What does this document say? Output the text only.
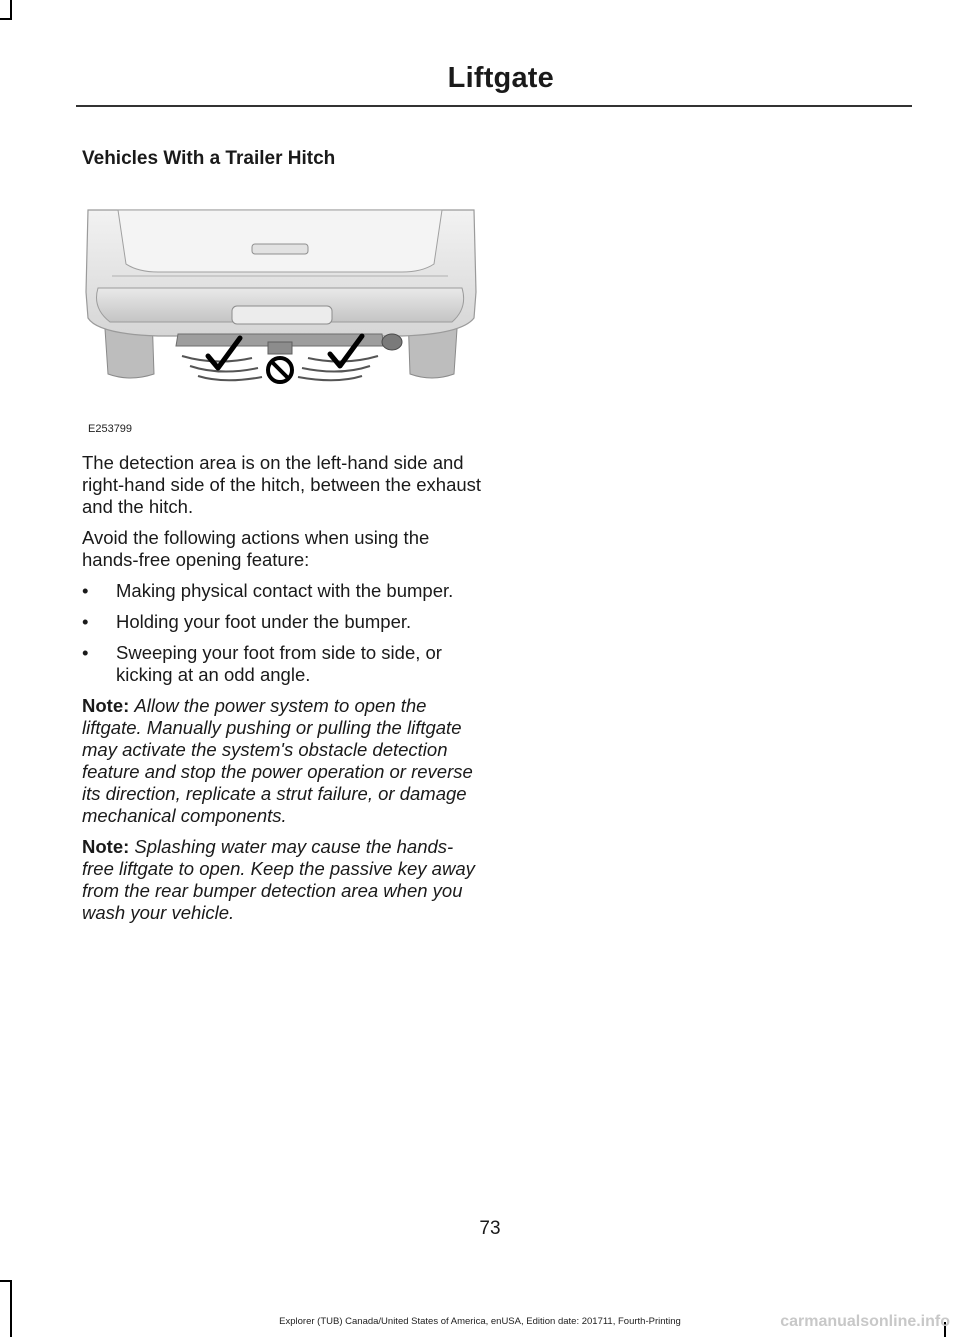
Liftgate
Vehicles With a Trailer Hitch
E253799

The detection area is on the left-hand side and right-hand side of the hitch, between the exhaust and the hitch.

Avoid the following actions when using the hands-free opening feature:

• Making physical contact with the bumper.
• Holding your foot under the bumper.
• Sweeping your foot from side to side, or kicking at an odd angle.

Note: Allow the power system to open the liftgate. Manually pushing or pulling the liftgate may activate the system's obstacle detection feature and stop the power operation or reverse its direction, replicate a strut failure, or damage mechanical components.

Note: Splashing water may cause the hands-free liftgate to open. Keep the passive key away from the rear bumper detection area when you wash your vehicle.

73
Explorer (TUB) Canada/United States of America, enUSA, Edition date: 201711, Fourth-Printing	carmanualsonline.info
